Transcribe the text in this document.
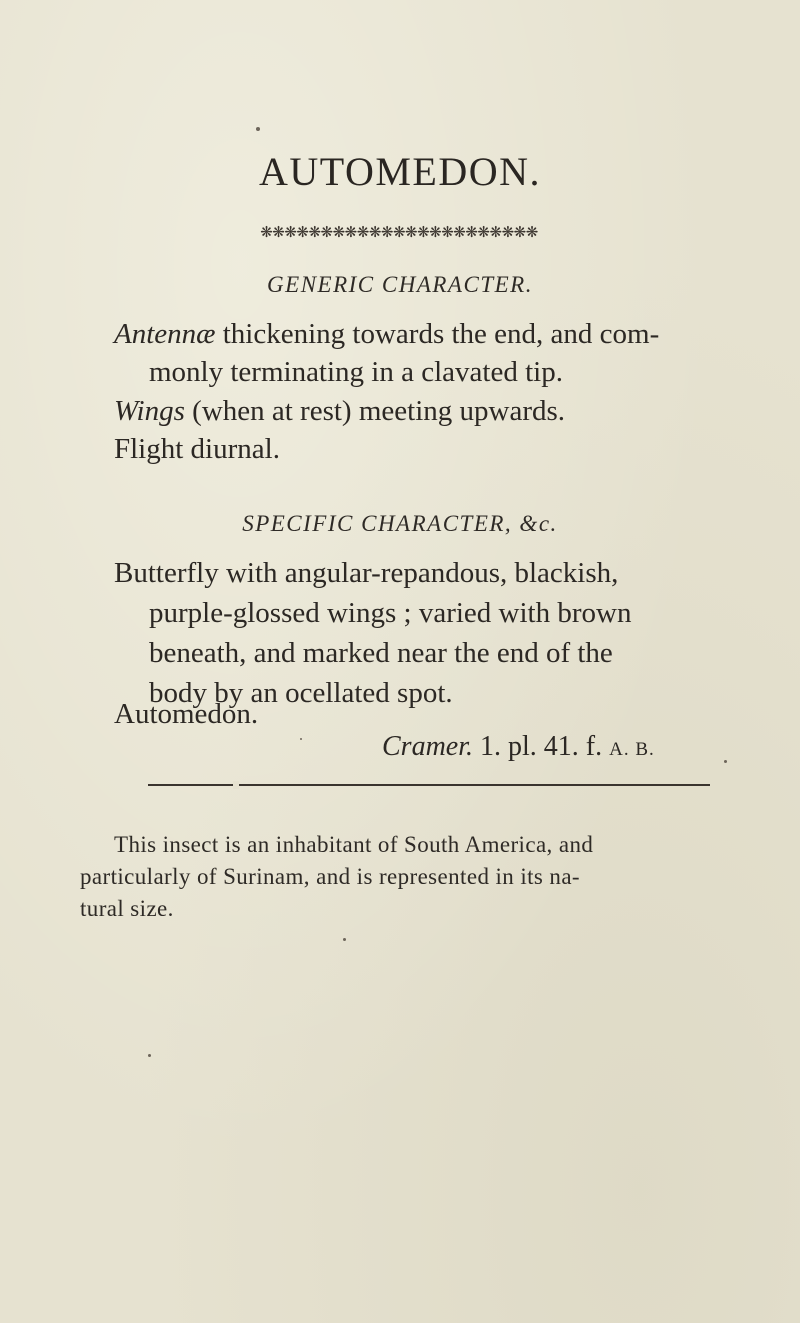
AUTOMEDON.
❋❋❋❋❋❋❋❋❋❋❋❋❋❋❋❋❋❋❋❋❋❋❋
GENERIC CHARACTER.
Antennæ thickening towards the end, and com-
monly terminating in a clavated tip.
Wings (when at rest) meeting upwards.
Flight diurnal.
SPECIFIC CHARACTER, &c.
Butterfly with angular-repandous, blackish,
purple-glossed wings ; varied with brown
beneath, and marked near the end of the
body by an ocellated spot.
Automedon.
Cramer. 1. pl. 41. f. A. B.
This insect is an inhabitant of South America, and
particularly of Surinam, and is represented in its na-
tural size.
